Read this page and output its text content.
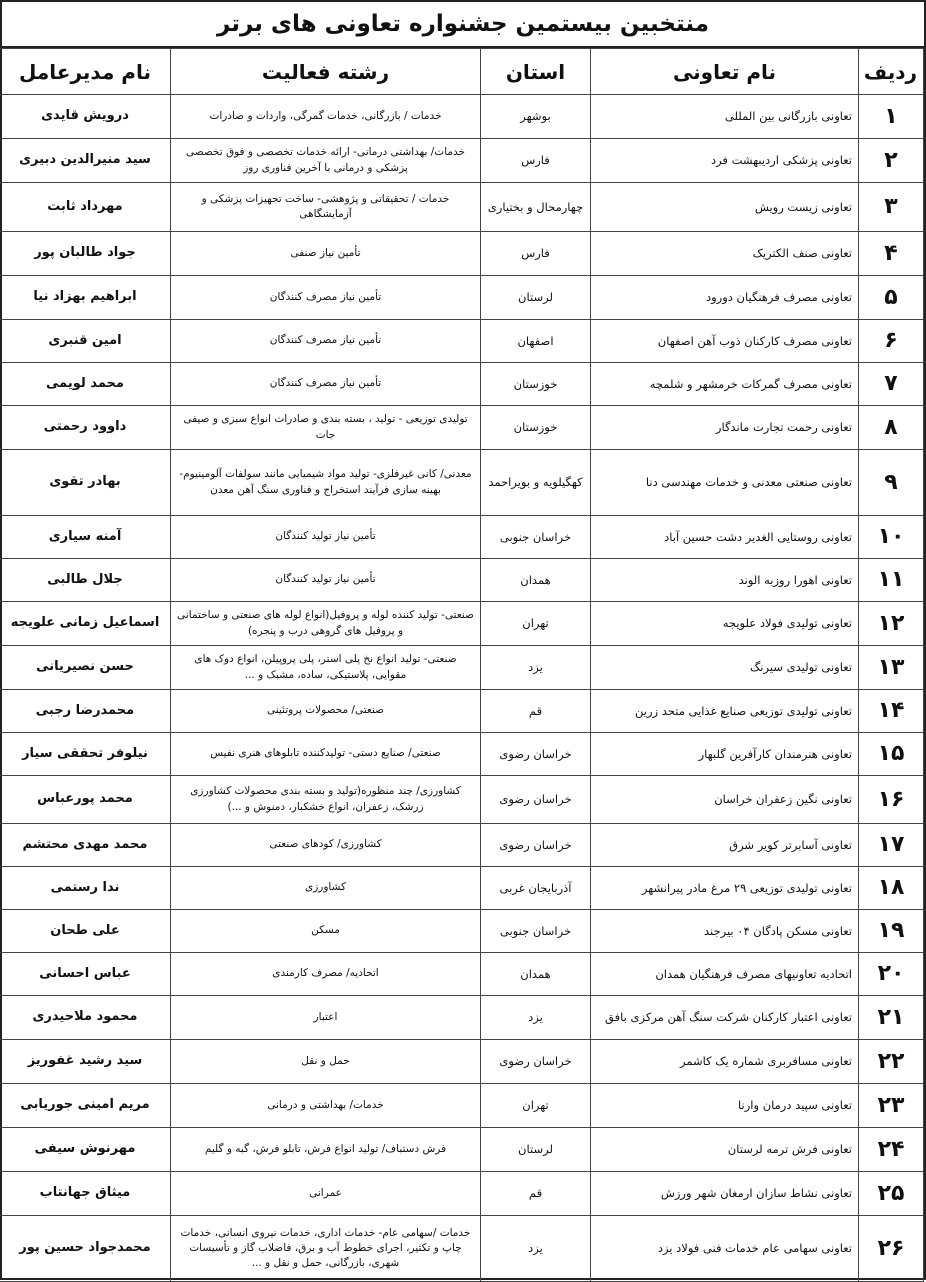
منتخبین بیستمین جشنواره تعاونی های برتر
ردیف	نام تعاونی	استان	رشته فعالیت	نام مدیرعامل
۱	تعاونی بازرگانی بین المللی	بوشهر	خدمات / بازرگانی، خدمات گمرگی، واردات و صادرات	درویش قایدی
۲	تعاونی پزشکی اردیبهشت فرد	فارس	خدمات/ بهداشتی درمانی- ارائه خدمات تخصصی و فوق تخصصی پزشکی و درمانی با آخرین فناوری روز	سید منیرالدین دبیری
۳	تعاونی زیست رویش	چهارمحال و بختیاری	خدمات / تحقیقاتی و پژوهشی- ساخت تجهیزات پزشکی و آزمایشگاهی	مهرداد ثابت
۴	تعاونی صنف الکتریک	فارس	تأمین نیاز صنفی	جواد طالبان پور
۵	تعاونی مصرف فرهنگیان دورود	لرستان	تأمین نیاز مصرف کنندگان	ابراهیم بهزاد نیا
۶	تعاونی مصرف کارکنان ذوب آهن اصفهان	اصفهان	تأمین نیاز مصرف کنندگان	امین قنبری
۷	تعاونی مصرف گمرکات خرمشهر و شلمچه	خوزستان	تأمین نیاز مصرف کنندگان	محمد لویمی
۸	تعاونی رحمت تجارت ماندگار	خوزستان	تولیدی توزیعی - تولید ، بسته بندی و صادرات انواع سبزی و صیفی جات	داوود رحمتی
۹	تعاونی صنعتی معدنی و خدمات مهندسی دنا	کهگیلویه و بویراحمد	معدنی/ کانی غیرفلزی- تولید مواد شیمیایی مانند سولفات آلومینیوم- بهینه سازی فرآیند استخراج و فناوری سنگ آهن معدن	بهادر تقوی
۱۰	تعاونی روستایی الغدیر دشت حسین آباد	خراسان جنوبی	تأمین نیاز تولید کنندگان	آمنه سیاری
۱۱	تعاونی اهورا روزبه الوند	همدان	تأمین نیاز تولید کنندگان	جلال طالبی
۱۲	تعاونی تولیدی فولاد علویجه	تهران	صنعتی- تولید کننده لوله و پروفیل(انواع لوله های صنعتی و ساختمانی و پروفیل های گروهی درب و پنجره)	اسماعیل زمانی علویجه
۱۳	تعاونی تولیدی سیرنگ	یزد	صنعتی- تولید انواع نخ پلی استر، پلی پروپیلن، انواع دوک های مقوایی، پلاستیکی، ساده، مشبک و ...	حسن نصیریانی
۱۴	تعاونی تولیدی توزیعی صنایع غذایی متحد زرین	قم	صنعتی/ محصولات پروتئینی	محمدرضا رجبی
۱۵	تعاونی هنرمندان کارآفرین گلبهار	خراسان رضوی	صنعتی/ صنایع دستی- تولیدکننده تابلوهای هنری نفیس	نیلوفر تحققی سیار
۱۶	تعاونی نگین زعفران خراسان	خراسان رضوی	کشاورزی/ چند منظوره(تولید و بسته بندی محصولات کشاورزی زرشک، زعفران، انواع خشکبار، دمنوش و ...)	محمد پورعباس
۱۷	تعاونی آسابرتر کویر شرق	خراسان رضوی	کشاورزی/ کودهای صنعتی	محمد مهدی محتشم
۱۸	تعاونی تولیدی توزیعی ۲۹ مرغ مادر پیرانشهر	آذربایجان غربی	کشاورزی	ندا رستمی
۱۹	تعاونی مسکن پادگان ۰۴ بیرجند	خراسان جنوبی	مسکن	علی طحان
۲۰	اتحادیه تعاونیهای مصرف فرهنگیان همدان	همدان	اتحادیه/ مصرف کارمندی	عباس احسانی
۲۱	تعاونی اعتبار کارکنان شرکت سنگ آهن مرکزی بافق	یزد	اعتبار	محمود ملاحیدری
۲۲	تعاونی مسافربری شماره یک کاشمر	خراسان رضوی	حمل و نقل	سید رشید غفوریز
۲۳	تعاونی سپید درمان وارنا	تهران	خدمات/ بهداشتی و درمانی	مریم امینی جوریابی
۲۴	تعاونی فرش ترمه لرستان	لرستان	فرش دستباف/ تولید انواع فرش، تابلو فرش، گبه و گلیم	مهرنوش سیفی
۲۵	تعاونی نشاط سازان ارمغان شهر ورزش	قم	عمرانی	میثاق جهانتاب
۲۶	تعاونی سهامی عام خدمات فنی فولاد یزد	یزد	خدمات /سهامی عام- خدمات اداری، خدمات نیروی انسانی، خدمات چاپ و تکثیر، اجرای خطوط آب و برق، فاضلاب گاز و تأسیسات شهری، بازرگانی، حمل و نقل و ...	محمدجواد حسین پور
